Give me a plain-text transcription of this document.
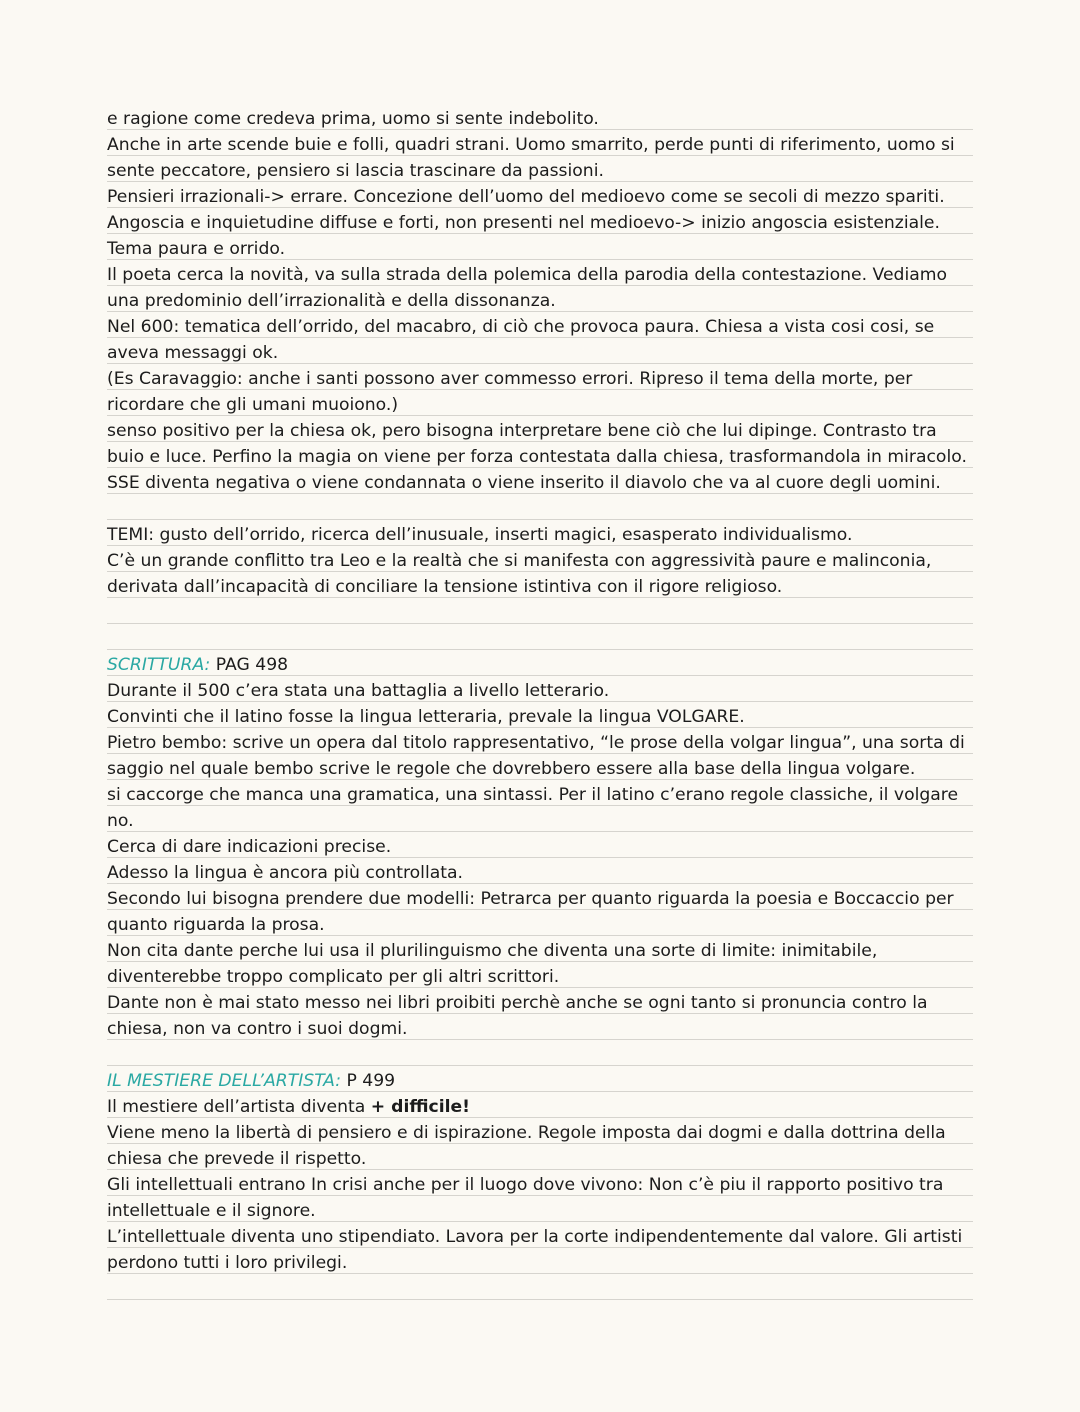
e ragione come credeva prima, uomo si sente indebolito.
Anche in arte scende buie e folli, quadri strani. Uomo smarrito, perde punti di riferimento, uomo si
sente peccatore, pensiero si lascia trascinare da passioni.
Pensieri irrazionali-> errare. Concezione dell’uomo del medioevo come se secoli di mezzo spariti.
Angoscia e inquietudine diffuse e forti, non presenti nel medioevo-> inizio angoscia esistenziale.
Tema paura e orrido.
Il poeta cerca la novità, va sulla strada della polemica della parodia della contestazione. Vediamo
una predominio dell’irrazionalità e della dissonanza.
Nel 600: tematica dell’orrido, del macabro, di ciò che provoca paura. Chiesa a vista cosi cosi, se
aveva messaggi ok.
(Es Caravaggio: anche i santi possono aver commesso errori. Ripreso il tema della morte, per
ricordare che gli umani muoiono.)
senso positivo per la chiesa ok, pero bisogna interpretare bene ciò che lui dipinge. Contrasto tra
buio e luce. Perfino la magia on viene per forza contestata dalla chiesa, trasformandola in miracolo.
SSE diventa negativa o viene condannata o viene inserito il diavolo che va al cuore degli uomini.
TEMI: gusto dell’orrido, ricerca dell’inusuale, inserti magici, esasperato individualismo.
C’è un grande conflitto tra Leo e la realtà che si manifesta con aggressività paure e malinconia,
derivata dall’incapacità di conciliare la tensione istintiva con il rigore religioso.
SCRITTURA: PAG 498
Durante il 500 c’era stata una battaglia a livello letterario.
Convinti che il latino fosse la lingua letteraria, prevale la lingua VOLGARE.
Pietro bembo: scrive un opera dal titolo rappresentativo, “le prose della volgar lingua”, una sorta di
saggio nel quale bembo scrive le regole che dovrebbero essere alla base della lingua volgare.
si caccorge che manca una gramatica, una sintassi. Per il latino c’erano regole classiche, il volgare
no.
Cerca di dare indicazioni precise.
Adesso la lingua è ancora più controllata.
Secondo lui bisogna prendere due modelli: Petrarca per quanto riguarda la poesia e Boccaccio per
quanto riguarda la prosa.
Non cita dante perche lui usa il plurilinguismo che diventa una sorte di limite: inimitabile,
diventerebbe troppo complicato per gli altri scrittori.
Dante non è mai stato messo nei libri proibiti perchè anche se ogni tanto si pronuncia contro la
chiesa, non va contro i suoi dogmi.
IL MESTIERE DELL’ARTISTA: P 499
Il mestiere dell’artista diventa + difficile!
Viene meno la libertà di pensiero e di ispirazione. Regole imposta dai dogmi e dalla dottrina della
chiesa che prevede il rispetto.
Gli intellettuali entrano In crisi anche per il luogo dove vivono: Non c’è piu il rapporto positivo tra
intellettuale e il signore.
L’intellettuale diventa uno stipendiato. Lavora per la corte indipendentemente dal valore. Gli artisti
perdono tutti i loro privilegi.
